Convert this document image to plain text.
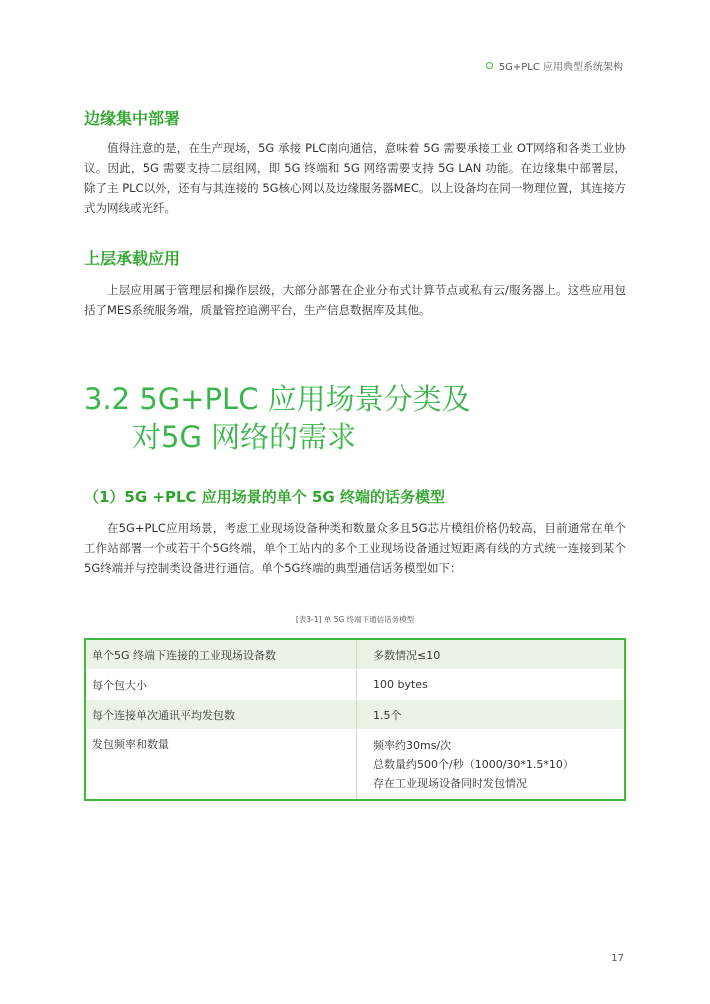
5G+PLC 应用典型系统架构
边缘集中部署

值得注意的是，在生产现场，5G 承接 PLC南向通信，意味着 5G 需要承接工业 OT网络和各类工业协议。因此，5G 需要支持二层组网，即 5G 终端和 5G 网络需要支持 5G LAN 功能。在边缘集中部署层，除了主 PLC以外，还有与其连接的 5G核心网以及边缘服务器MEC。以上设备均在同一物理位置，其连接方式为网线或光纤。

上层承载应用

上层应用属于管理层和操作层级，大部分部署在企业分布式计算节点或私有云/服务器上。这些应用包括了MES系统服务端，质量管控追溯平台，生产信息数据库及其他。

3.2 5G+PLC 应用场景分类及
对5G 网络的需求
（1）5G +PLC 应用场景的单个 5G 终端的话务模型

在5G+PLC应用场景，考虑工业现场设备种类和数量众多且5G芯片模组价格仍较高，目前通常在单个工作站部署一个或若干个5G终端，单个工站内的多个工业现场设备通过短距离有线的方式统一连接到某个5G终端并与控制类设备进行通信。单个5G终端的典型通信话务模型如下：

[表3-1] 单 5G 终端下通信话务模型
单个5G 终端下连接的工业现场设备数	多数情况≤10
每个包大小	100 bytes
每个连接单次通讯平均发包数	1.5个
发包频率和数量	频率约30ms/次
总数量约500个/秒（1000/30*1.5*10）
存在工业现场设备同时发包情况
17
